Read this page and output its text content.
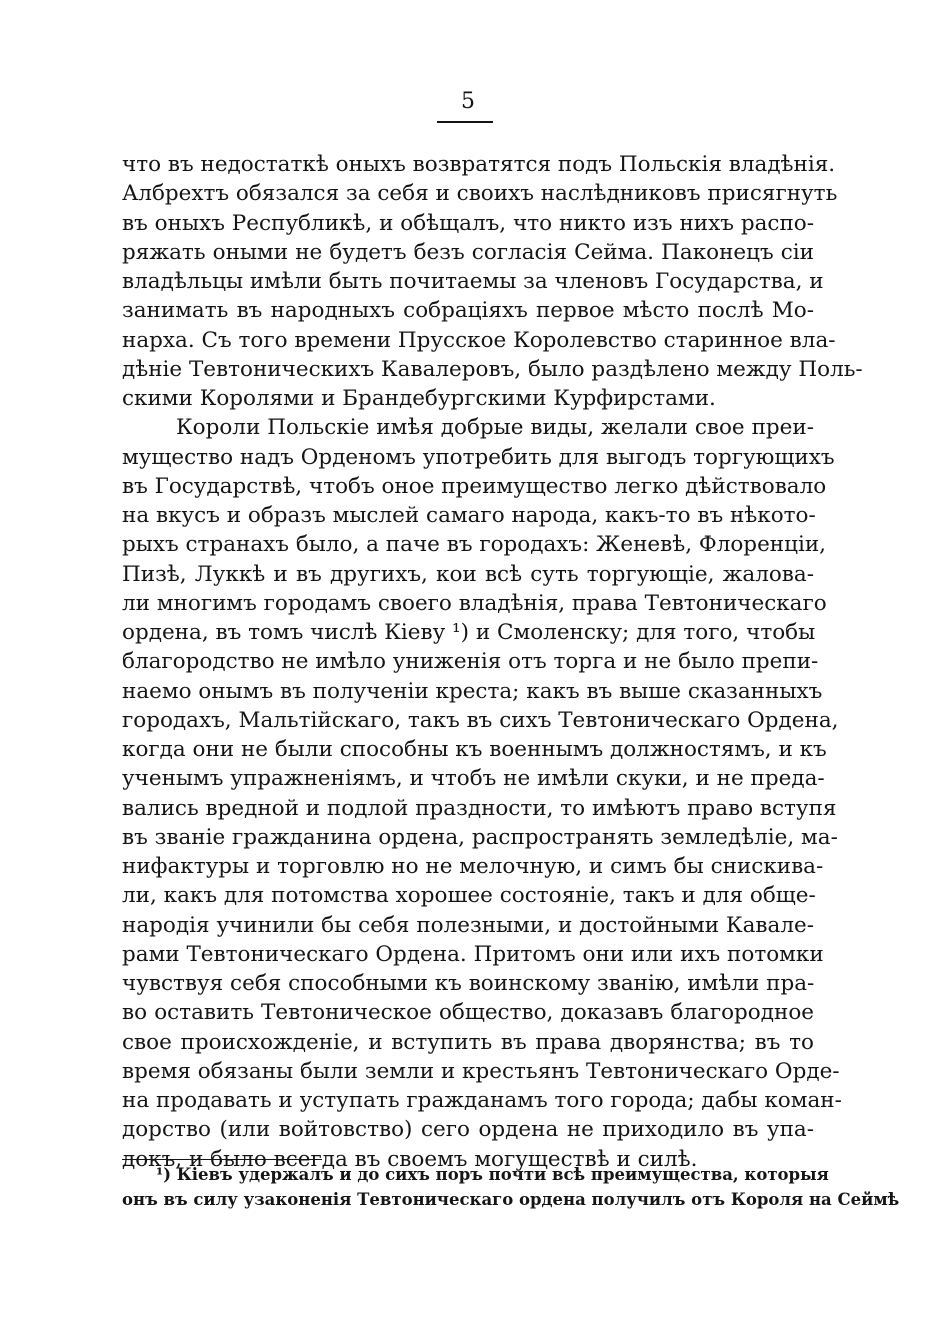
5
что въ недостаткѣ оныхъ возвратятся подъ Польскія владѣнія.
Албрехтъ обязался за себя и своихъ наслѣдниковъ присягнуть
въ оныхъ Республикѣ, и обѣщалъ, что никто изъ нихъ распо-
ряжать оными не будетъ безъ согласія Сейма. Паконецъ сіи
владѣльцы имѣли быть почитаемы за членовъ Государства, и
занимать въ народныхъ собраціяхъ первое мѣсто послѣ Мо-
нарха. Съ того времени Прусское Королевство старинное вла-
дѣніе Тевтоническихъ Кавалеровъ, было раздѣлено между Поль-
скими Королями и Брандебургскими Курфирстами.
Короли Польскіе имѣя добрые виды, желали свое преи-
мущество надъ Орденомъ употребить для выгодъ торгующихъ
въ Государствѣ, чтобъ оное преимущество легко дѣйствовало
на вкусъ и образъ мыслей самаго народа, какъ-то въ нѣкото-
рыхъ странахъ было, а паче въ городахъ: Женевѣ, Флоренціи,
Пизѣ, Луккѣ и въ другихъ, кои всѣ суть торгующіе, жалова-
ли многимъ городамъ своего владѣнія, права Тевтоническаго
ордена, въ томъ числѣ Кіеву ¹) и Смоленску; для того, чтобы
благородство не имѣло униженія отъ торга и не было препи-
наемо онымъ въ полученіи креста; какъ въ выше сказанныхъ
городахъ, Мальтійскаго, такъ въ сихъ Тевтоническаго Ордена,
когда они не были способны къ военнымъ должностямъ, и къ
ученымъ упражненіямъ, и чтобъ не имѣли скуки, и не преда-
вались вредной и подлой праздности, то имѣютъ право вступя
въ званіе гражданина ордена, распространять земледѣліе, ма-
нифактуры и торговлю но не мелочную, и симъ бы снискива-
ли, какъ для потомства хорошее состояніе, такъ и для обще-
народія учинили бы себя полезными, и достойными Кавале-
рами Тевтоническаго Ордена. Притомъ они или ихъ потомки
чувствуя себя способными къ воинскому званію, имѣли пра-
во оставить Тевтоническое общество, доказавъ благородное
свое происхожденіе, и вступить въ права дворянства; въ то
время обязаны были земли и крестьянъ Тевтоническаго Орде-
на продавать и уступать гражданамъ того города; дабы коман-
дорство (или войтовство) сего ордена не приходило въ упа-
докъ, и было всегда въ своемъ могуществѣ и силѣ.
¹) Кіевъ удержалъ и до сихъ поръ почти всѣ преимущества, которыя
онъ въ силу узаконенія Тевтоническаго ордена получилъ отъ Короля на Сеймѣ
